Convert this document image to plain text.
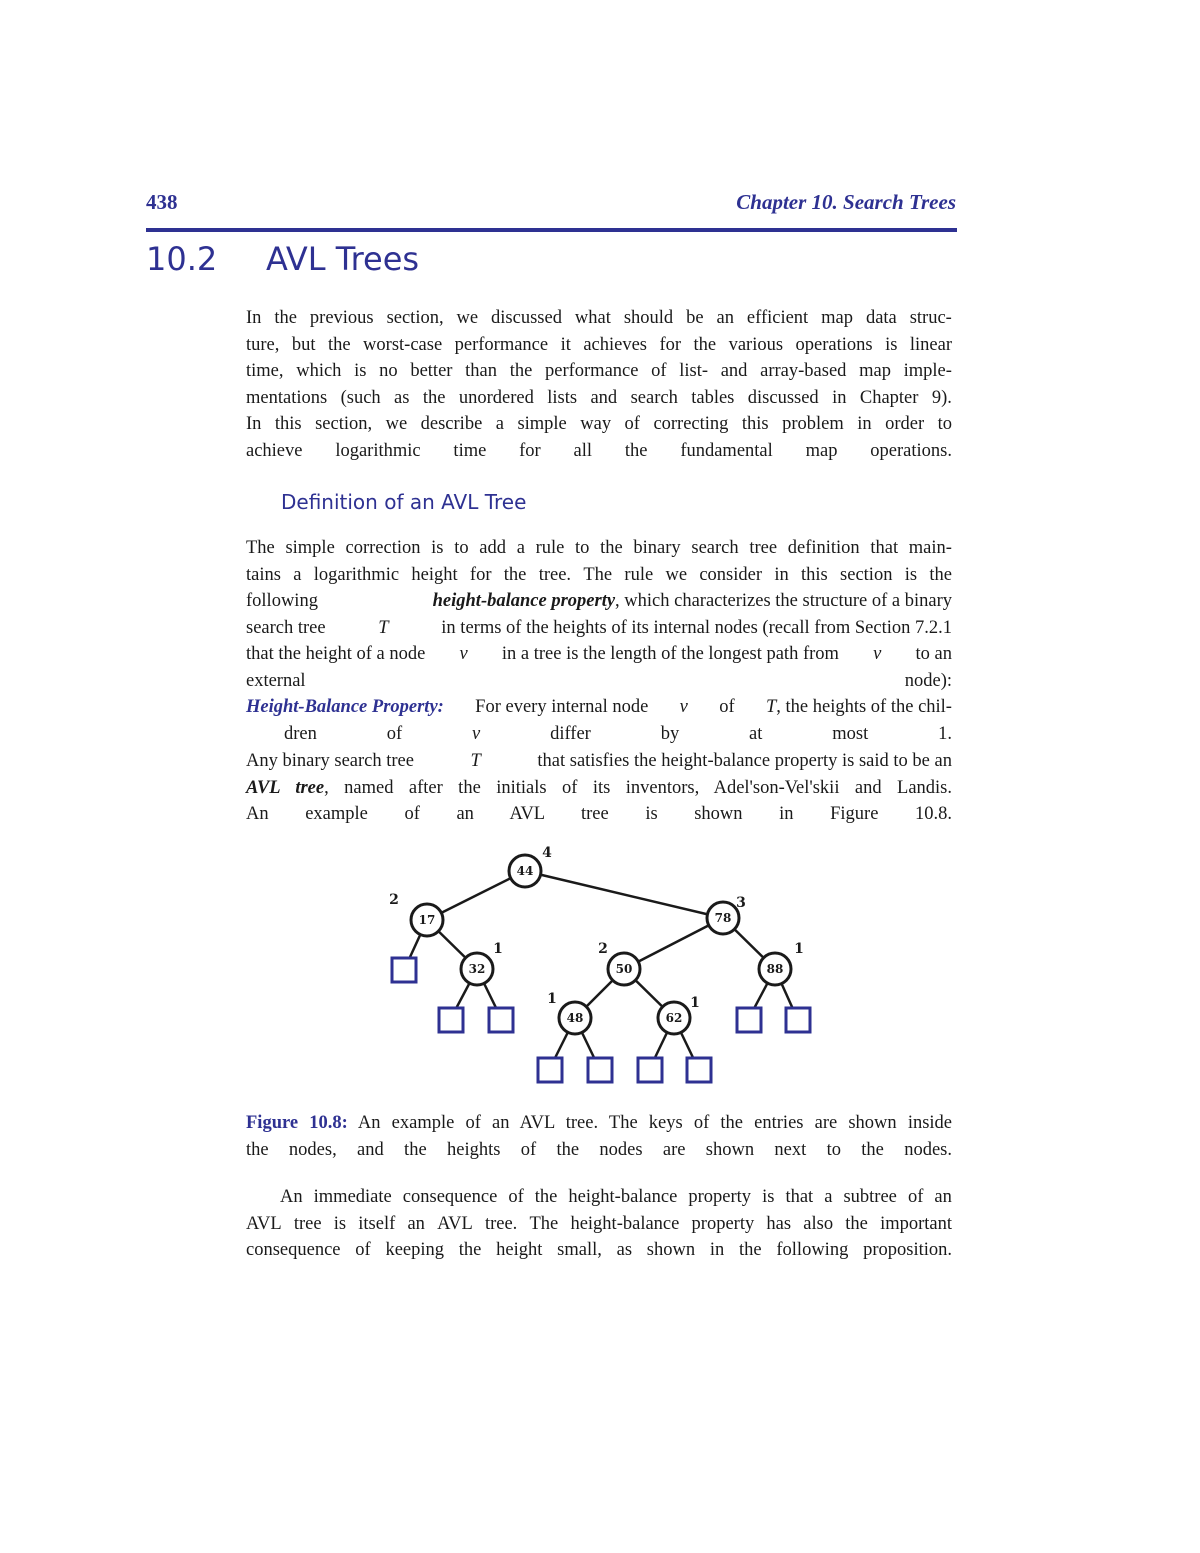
438	Chapter 10. Search Trees
10.2 AVL Trees
In the previous section, we discussed what should be an efficient map data struc-
ture, but the worst-case performance it achieves for the various operations is linear
time, which is no better than the performance of list- and array-based map imple-
mentations (such as the unordered lists and search tables discussed in Chapter 9).
In this section, we describe a simple way of correcting this problem in order to
achieve logarithmic time for all the fundamental map operations.
Definition of an AVL Tree
The simple correction is to add a rule to the binary search tree definition that main-
tains a logarithmic height for the tree. The rule we consider in this section is the
following	height-balance property, which characterizes the structure of a binary
search tree	T	in terms of the heights of its internal nodes (recall from Section 7.2.1
that the height of a node v in a tree is the length of the longest path from v to an
external node):
Height-Balance Property: For every internal node v of T, the heights of the chil-
dren of	v	differ by at most 1.
Any binary search tree	T	that satisfies the height-balance property is said to be an
AVL tree, named after the initials of its inventors, Adel'son-Vel'skii and Landis.
An example of an AVL tree is shown in Figure 10.8.
44
4
17
2
78
3
32
1
50
2
88
1
48
1
62
1
Figure 10.8: An example of an AVL tree. The keys of the entries are shown inside
the nodes, and the heights of the nodes are shown next to the nodes.
An immediate consequence of the height-balance property is that a subtree of an
AVL tree is itself an AVL tree. The height-balance property has also the important
consequence of keeping the height small, as shown in the following proposition.
